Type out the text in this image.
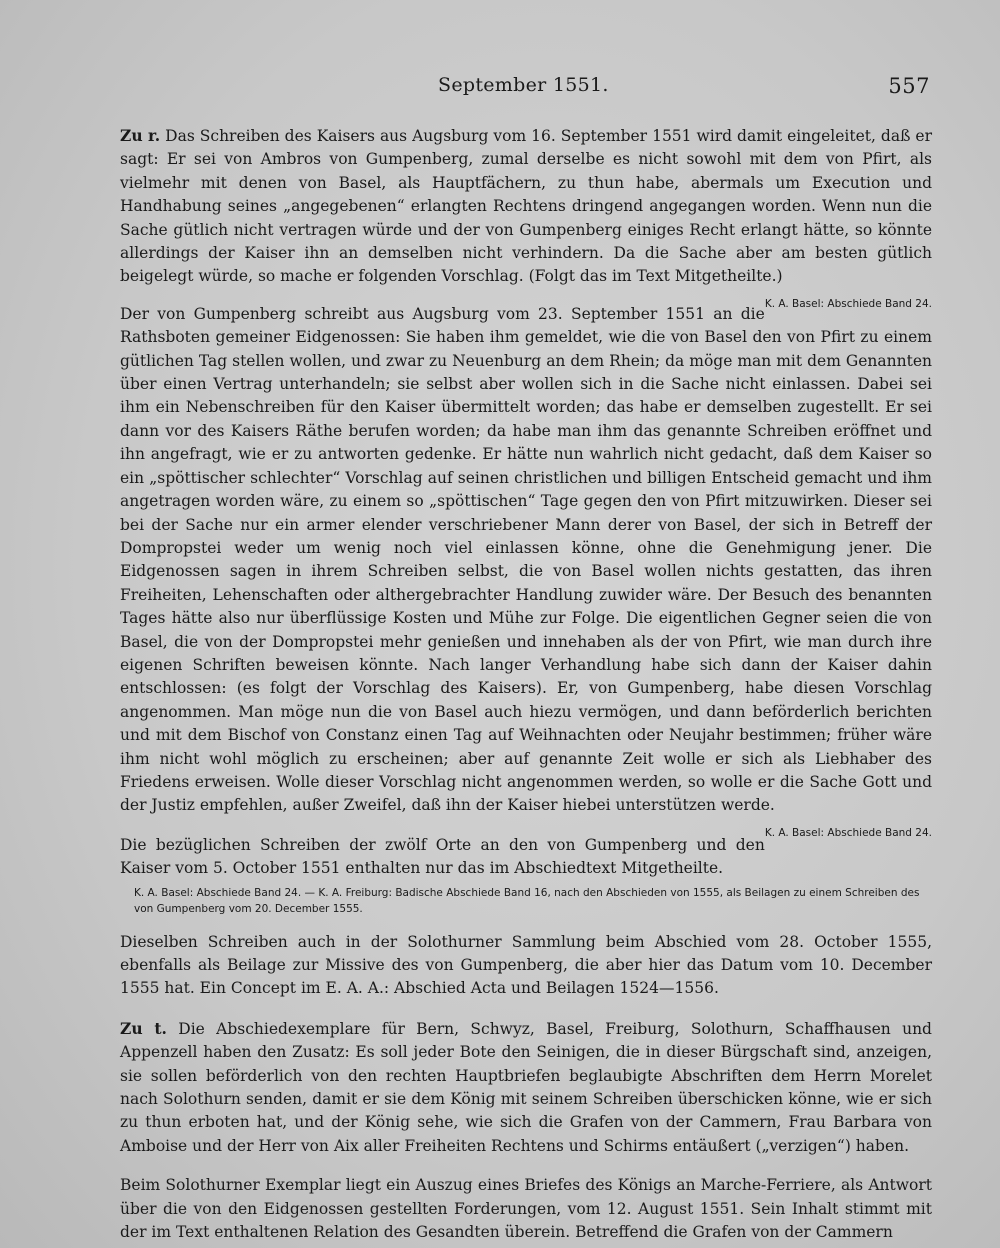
September 1551.	557

Zu r. Das Schreiben des Kaisers aus Augsburg vom 16. September 1551 wird damit eingeleitet, daß er sagt: Er sei von Ambros von Gumpenberg, zumal derselbe es nicht sowohl mit dem von Pfirt, als vielmehr mit denen von Basel, als Hauptfächern, zu thun habe, abermals um Execution und Handhabung seines „angegebenen“ erlangten Rechtens dringend angegangen worden. Wenn nun die Sache gütlich nicht vertragen würde und der von Gumpenberg einiges Recht erlangt hätte, so könnte allerdings der Kaiser ihn an demselben nicht verhindern. Da die Sache aber am besten gütlich beigelegt würde, so mache er folgenden Vorschlag. (Folgt das im Text Mitgetheilte.)
K. A. Basel: Abschiede Band 24.

Der von Gumpenberg schreibt aus Augsburg vom 23. September 1551 an die Rathsboten gemeiner Eidgenossen: Sie haben ihm gemeldet, wie die von Basel den von Pfirt zu einem gütlichen Tag stellen wollen, und zwar zu Neuenburg an dem Rhein; da möge man mit dem Genannten über einen Vertrag unterhandeln; sie selbst aber wollen sich in die Sache nicht einlassen. Dabei sei ihm ein Nebenschreiben für den Kaiser übermittelt worden; das habe er demselben zugestellt. Er sei dann vor des Kaisers Räthe berufen worden; da habe man ihm das genannte Schreiben eröffnet und ihn angefragt, wie er zu antworten gedenke. Er hätte nun wahrlich nicht gedacht, daß dem Kaiser so ein „spöttischer schlechter“ Vorschlag auf seinen christlichen und billigen Entscheid gemacht und ihm angetragen worden wäre, zu einem so „spöttischen“ Tage gegen den von Pfirt mitzuwirken. Dieser sei bei der Sache nur ein armer elender verschriebener Mann derer von Basel, der sich in Betreff der Dompropstei weder um wenig noch viel einlassen könne, ohne die Genehmigung jener. Die Eidgenossen sagen in ihrem Schreiben selbst, die von Basel wollen nichts gestatten, das ihren Freiheiten, Lehenschaften oder althergebrachter Handlung zuwider wäre. Der Besuch des benannten Tages hätte also nur überflüssige Kosten und Mühe zur Folge. Die eigentlichen Gegner seien die von Basel, die von der Dompropstei mehr genießen und innehaben als der von Pfirt, wie man durch ihre eigenen Schriften beweisen könnte. Nach langer Verhandlung habe sich dann der Kaiser dahin entschlossen: (es folgt der Vorschlag des Kaisers). Er, von Gumpenberg, habe diesen Vorschlag angenommen. Man möge nun die von Basel auch hiezu vermögen, und dann beförderlich berichten und mit dem Bischof von Constanz einen Tag auf Weihnachten oder Neujahr bestimmen; früher wäre ihm nicht wohl möglich zu erscheinen; aber auf genannte Zeit wolle er sich als Liebhaber des Friedens erweisen. Wolle dieser Vorschlag nicht angenommen werden, so wolle er die Sache Gott und der Justiz empfehlen, außer Zweifel, daß ihn der Kaiser hiebei unterstützen werde.
K. A. Basel: Abschiede Band 24.

Die bezüglichen Schreiben der zwölf Orte an den von Gumpenberg und den Kaiser vom 5. October 1551 enthalten nur das im Abschiedtext Mitgetheilte.

K. A. Basel: Abschiede Band 24. — K. A. Freiburg: Badische Abschiede Band 16, nach den Abschieden von 1555, als Beilagen zu einem Schreiben des von Gumpenberg vom 20. December 1555.

Dieselben Schreiben auch in der Solothurner Sammlung beim Abschied vom 28. October 1555, ebenfalls als Beilage zur Missive des von Gumpenberg, die aber hier das Datum vom 10. December 1555 hat. Ein Concept im E. A. A.: Abschied Acta und Beilagen 1524—1556.

Zu t. Die Abschiedexemplare für Bern, Schwyz, Basel, Freiburg, Solothurn, Schaffhausen und Appenzell haben den Zusatz: Es soll jeder Bote den Seinigen, die in dieser Bürgschaft sind, anzeigen, sie sollen beförderlich von den rechten Hauptbriefen beglaubigte Abschriften dem Herrn Morelet nach Solothurn senden, damit er sie dem König mit seinem Schreiben überschicken könne, wie er sich zu thun erboten hat, und der König sehe, wie sich die Grafen von der Cammern, Frau Barbara von Amboise und der Herr von Aix aller Freiheiten Rechtens und Schirms entäußert („verzigen“) haben.

Beim Solothurner Exemplar liegt ein Auszug eines Briefes des Königs an Marche-Ferriere, als Antwort über die von den Eidgenossen gestellten Forderungen, vom 12. August 1551. Sein Inhalt stimmt mit der im Text enthaltenen Relation des Gesandten überein. Betreffend die Grafen von der Cammern
